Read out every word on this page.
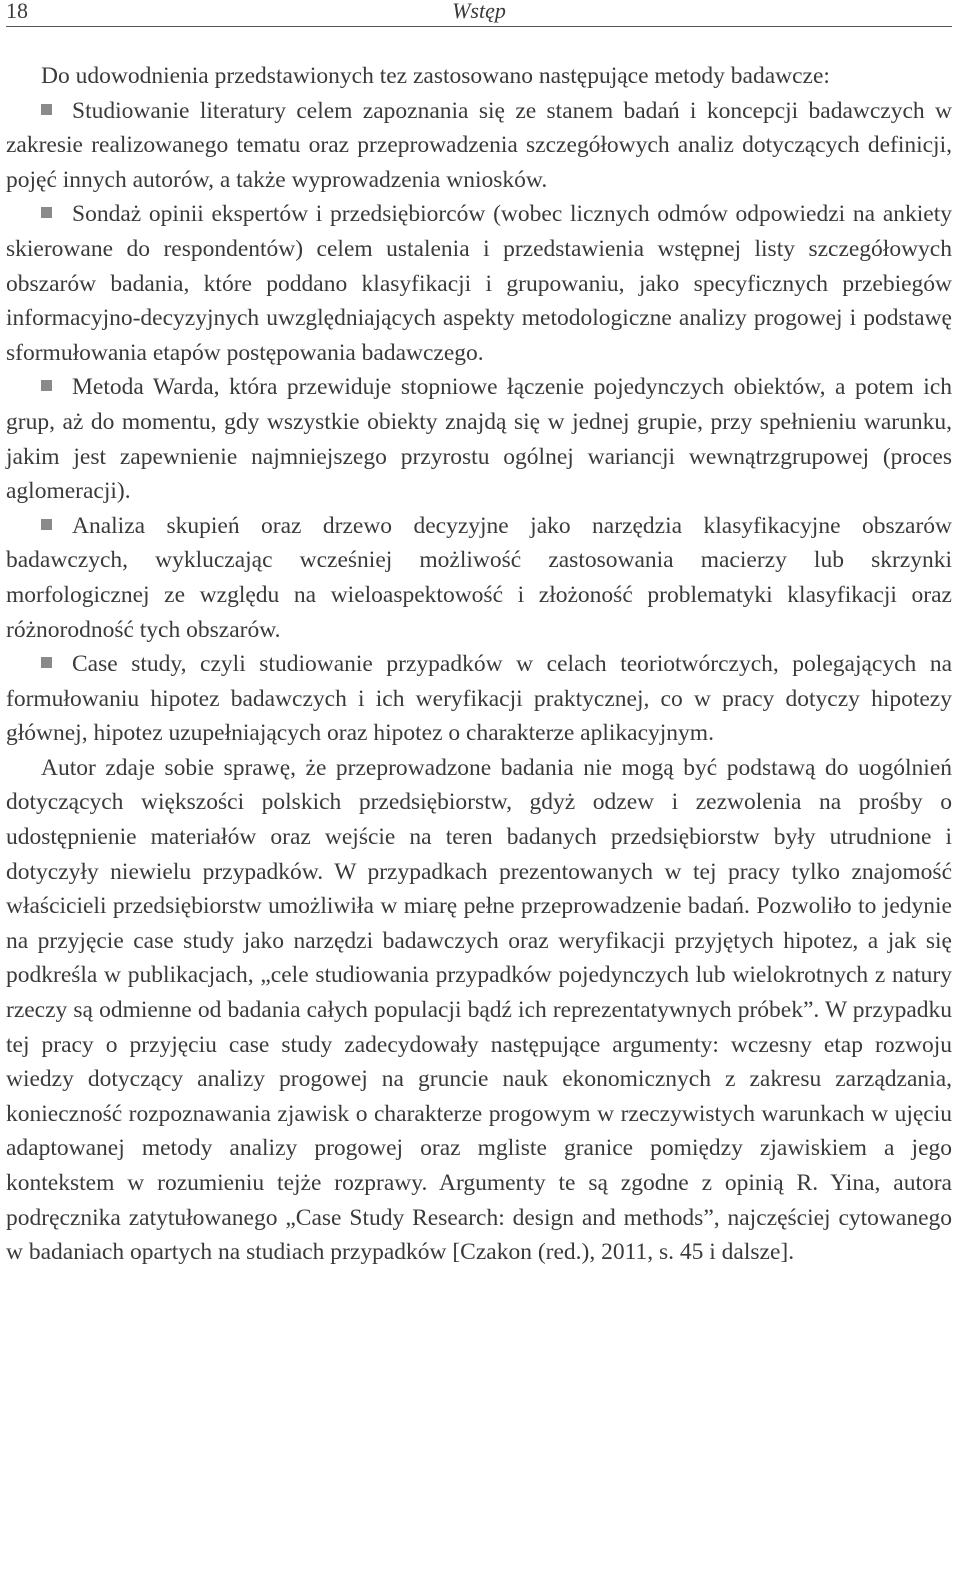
18	Wstęp

Do udowodnienia przedstawionych tez zastosowano następujące metody badawcze:

Studiowanie literatury celem zapoznania się ze stanem badań i koncepcji badawczych w zakresie realizowanego tematu oraz przeprowadzenia szczegółowych analiz dotyczących definicji, pojęć innych autorów, a także wyprowadzenia wniosków.

Sondaż opinii ekspertów i przedsiębiorców (wobec licznych odmów odpowiedzi na ankiety skierowane do respondentów) celem ustalenia i przedstawienia wstępnej listy szczegółowych obszarów badania, które poddano klasyfikacji i grupowaniu, jako specyficznych przebiegów informacyjno-decyzyjnych uwzględniających aspekty metodologiczne analizy progowej i podstawę sformułowania etapów postępowania badawczego.

Metoda Warda, która przewiduje stopniowe łączenie pojedynczych obiektów, a potem ich grup, aż do momentu, gdy wszystkie obiekty znajdą się w jednej grupie, przy spełnieniu warunku, jakim jest zapewnienie najmniejszego przyrostu ogólnej wariancji wewnątrzgrupowej (proces aglomeracji).

Analiza skupień oraz drzewo decyzyjne jako narzędzia klasyfikacyjne obszarów badawczych, wykluczając wcześniej możliwość zastosowania macierzy lub skrzynki morfologicznej ze względu na wieloaspektowość i złożoność problematyki klasyfikacji oraz różnorodność tych obszarów.

Case study, czyli studiowanie przypadków w celach teoriotwórczych, polegających na formułowaniu hipotez badawczych i ich weryfikacji praktycznej, co w pracy dotyczy hipotezy głównej, hipotez uzupełniających oraz hipotez o charakterze aplikacyjnym.

Autor zdaje sobie sprawę, że przeprowadzone badania nie mogą być podstawą do uogólnień dotyczących większości polskich przedsiębiorstw, gdyż odzew i zezwolenia na prośby o udostępnienie materiałów oraz wejście na teren badanych przedsiębiorstw były utrudnione i dotyczyły niewielu przypadków. W przypadkach prezentowanych w tej pracy tylko znajomość właścicieli przedsiębiorstw umożliwiła w miarę pełne przeprowadzenie badań. Pozwoliło to jedynie na przyjęcie case study jako narzędzi badawczych oraz weryfikacji przyjętych hipotez, a jak się podkreśla w publikacjach, „cele studiowania przypadków pojedynczych lub wielokrotnych z natury rzeczy są odmienne od badania całych populacji bądź ich reprezentatywnych próbek”. W przypadku tej pracy o przyjęciu case study zadecydowały następujące argumenty: wczesny etap rozwoju wiedzy dotyczący analizy progowej na gruncie nauk ekonomicznych z zakresu zarządzania, konieczność rozpoznawania zjawisk o charakterze progowym w rzeczywistych warunkach w ujęciu adaptowanej metody analizy progowej oraz mgliste granice pomiędzy zjawiskiem a jego kontekstem w rozumieniu tejże rozprawy. Argumenty te są zgodne z opinią R. Yina, autora podręcznika zatytułowanego „Case Study Research: design and methods”, najczęściej cytowanego w badaniach opartych na studiach przypadków [Czakon (red.), 2011, s. 45 i dalsze].
